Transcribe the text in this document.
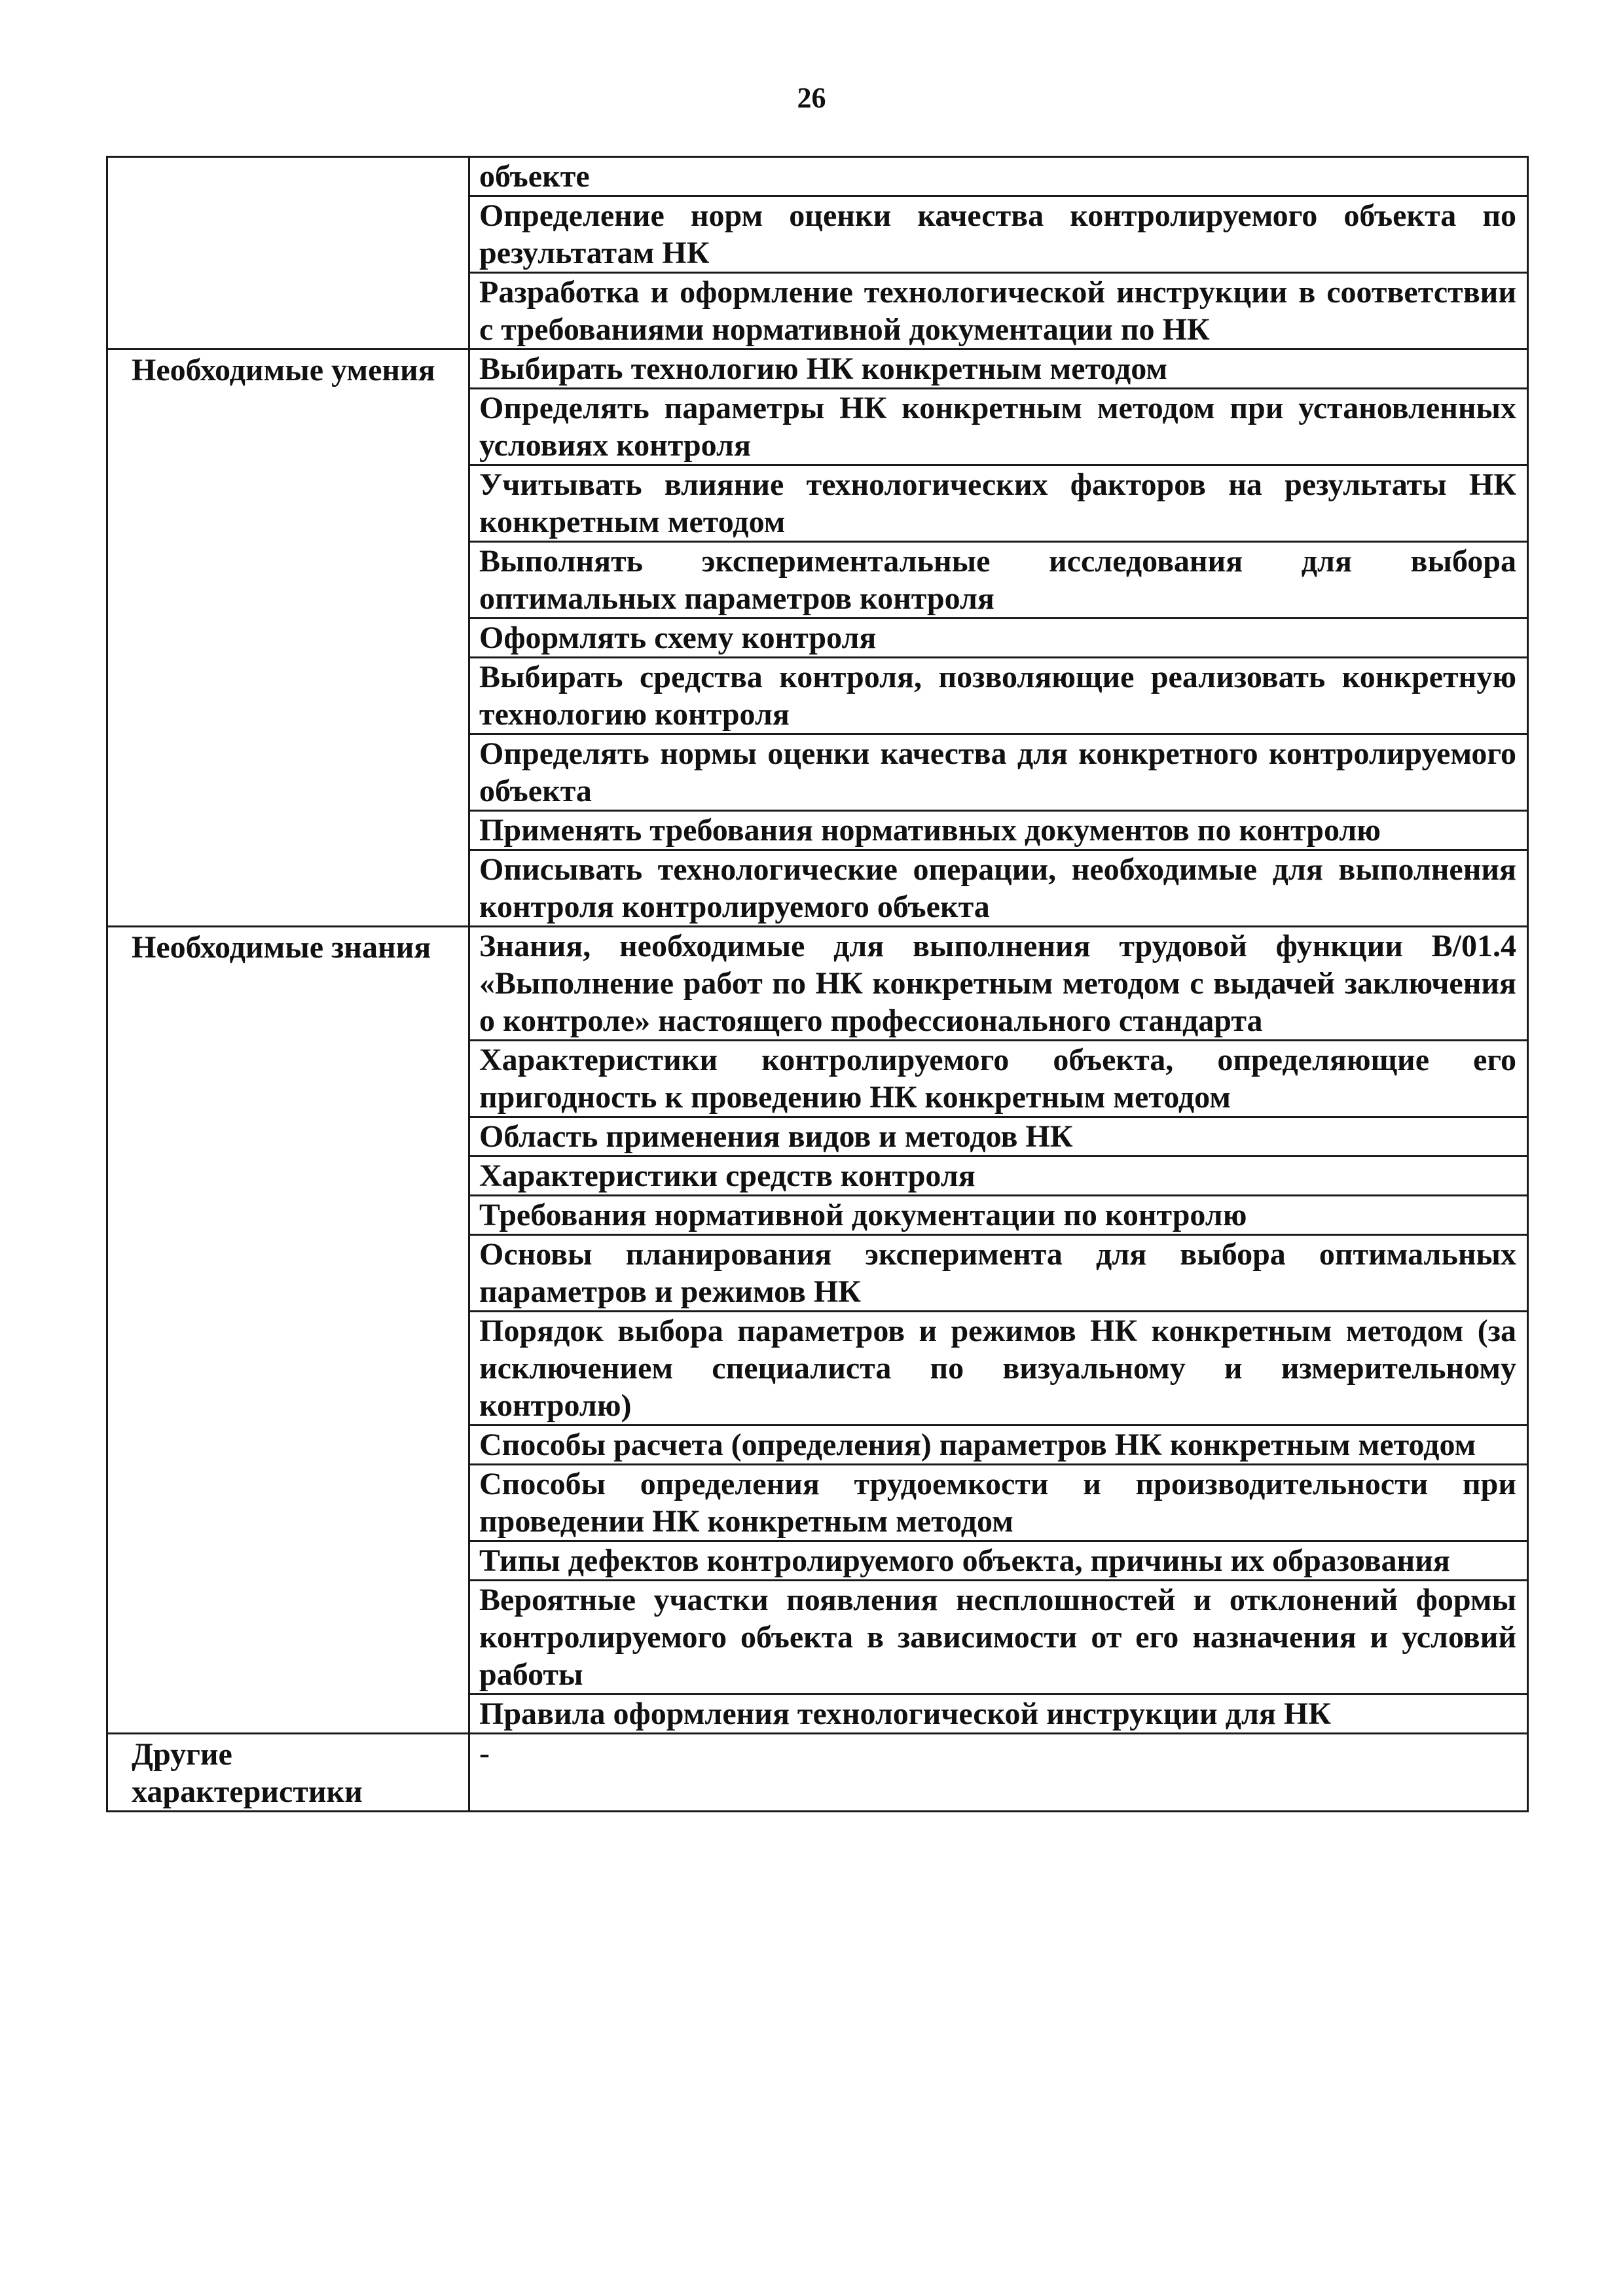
26
	объекте
	Определение норм оценки качества контролируемого объекта по результатам НК
	Разработка и оформление технологической инструкции в соответствии с требованиями нормативной документации по НК
Необходимые умения	Выбирать технологию НК конкретным методом
	Определять параметры НК конкретным методом при установленных условиях контроля
	Учитывать влияние технологических факторов на результаты НК конкретным методом
	Выполнять экспериментальные исследования для выбора оптимальных параметров контроля
	Оформлять схему контроля
	Выбирать средства контроля, позволяющие реализовать конкретную технологию контроля
	Определять нормы оценки качества для конкретного контролируемого объекта
	Применять требования нормативных документов по контролю
	Описывать технологические операции, необходимые для выполнения контроля контролируемого объекта
Необходимые знания	Знания, необходимые для выполнения трудовой функции В/01.4 «Выполнение работ по НК конкретным методом с выдачей заключения о контроле» настоящего профессионального стандарта
	Характеристики контролируемого объекта, определяющие его пригодность к проведению НК конкретным методом
	Область применения видов и методов НК
	Характеристики средств контроля
	Требования нормативной документации по контролю
	Основы планирования эксперимента для выбора оптимальных параметров и режимов НК
	Порядок выбора параметров и режимов НК конкретным методом (за исключением специалиста по визуальному и измерительному контролю)
	Способы расчета (определения) параметров НК конкретным методом
	Способы определения трудоемкости и производительности при проведении НК конкретным методом
	Типы дефектов контролируемого объекта, причины их образования
	Вероятные участки появления несплошностей и отклонений формы контролируемого объекта в зависимости от его назначения и условий работы
	Правила оформления технологической инструкции для НК
Другие характеристики	-
